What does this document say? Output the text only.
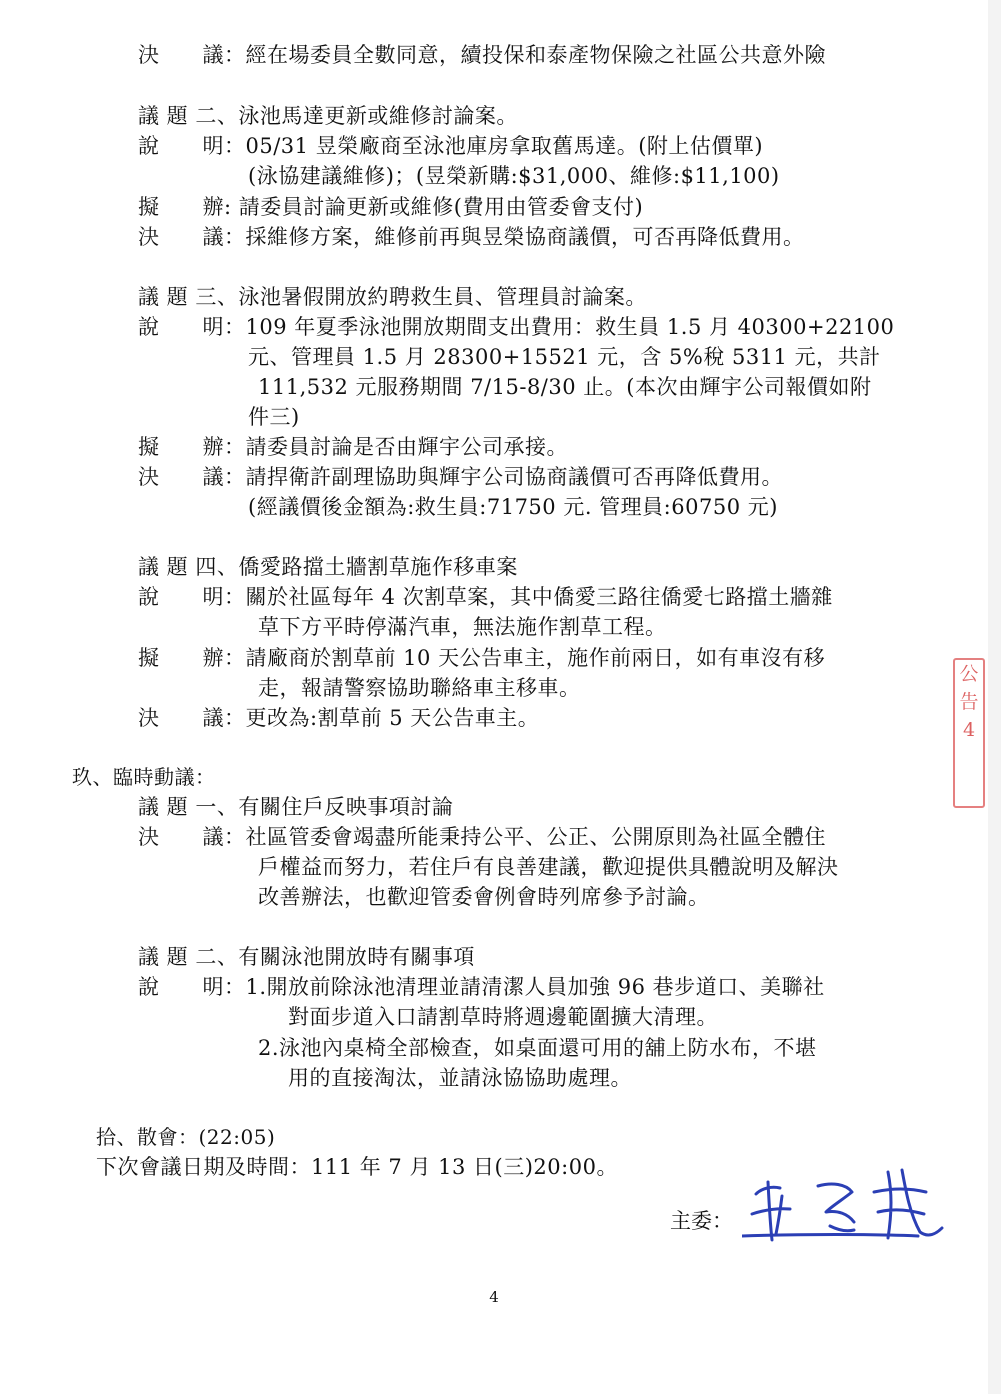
決　　議：經在場委員全數同意，續投保和泰產物保險之社區公共意外險
議 題 二、泳池馬達更新或維修討論案。
說　　明：05/31 昱榮廠商至泳池庫房拿取舊馬達。(附上估價單)
(泳協建議維修)；(昱榮新購:$31,000、維修:$11,100)
擬　　辦: 請委員討論更新或維修(費用由管委會支付)
決　　議：採維修方案，維修前再與昱榮協商議價，可否再降低費用。
議 題 三、泳池暑假開放約聘救生員、管理員討論案。
說　　明：109 年夏季泳池開放期間支出費用：救生員 1.5 月 40300+22100
元、管理員 1.5 月 28300+15521 元，含 5%稅 5311 元，共計
111,532 元服務期間 7/15-8/30 止。(本次由輝宇公司報價如附
件三)
擬　　辦：請委員討論是否由輝宇公司承接。
決　　議：請捍衛許副理協助與輝宇公司協商議價可否再降低費用。
(經議價後金額為:救生員:71750 元. 管理員:60750 元)
議 題 四、僑愛路擋土牆割草施作移車案
說　　明：關於社區每年 4 次割草案，其中僑愛三路往僑愛七路擋土牆雜
草下方平時停滿汽車，無法施作割草工程。
擬　　辦：請廠商於割草前 10 天公告車主，施作前兩日，如有車沒有移
走，報請警察協助聯絡車主移車。
決　　議：更改為:割草前 5 天公告車主。
玖、臨時動議：
議 題 一、有關住戶反映事項討論
決　　議：社區管委會竭盡所能秉持公平、公正、公開原則為社區全體住
戶權益而努力，若住戶有良善建議，歡迎提供具體說明及解決
改善辦法，也歡迎管委會例會時列席參予討論。
議 題 二、有關泳池開放時有關事項
說　　明：1.開放前除泳池清理並請清潔人員加強 96 巷步道口、美聯社
對面步道入口請割草時將週邊範圍擴大清理。
2.泳池內桌椅全部檢查，如桌面還可用的舖上防水布，不堪
用的直接淘汰，並請泳協協助處理。
拾、散會：(22:05)
下次會議日期及時間：111 年 7 月 13 日(三)20:00。
主委：
公告4
4
